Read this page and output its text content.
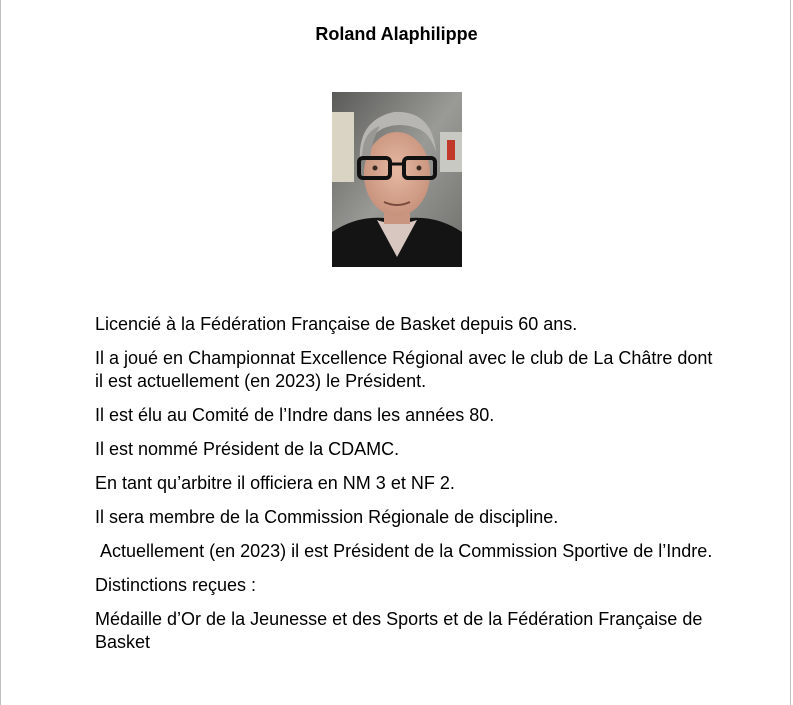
Roland Alaphilippe

Licencié à la Fédération Française de Basket depuis 60 ans.

Il a joué en Championnat Excellence Régional avec le club de La Châtre dont il est actuellement (en 2023) le Président.

Il est élu au Comité de l’Indre dans les années 80.

Il est nommé Président de la CDAMC.

En tant qu’arbitre il officiera en NM 3 et NF 2.

Il sera membre de la Commission Régionale de discipline.

Actuellement (en 2023) il est Président de la Commission Sportive de l’Indre.

Distinctions reçues :

Médaille d’Or de la Jeunesse et des Sports et de la Fédération Française de Basket
